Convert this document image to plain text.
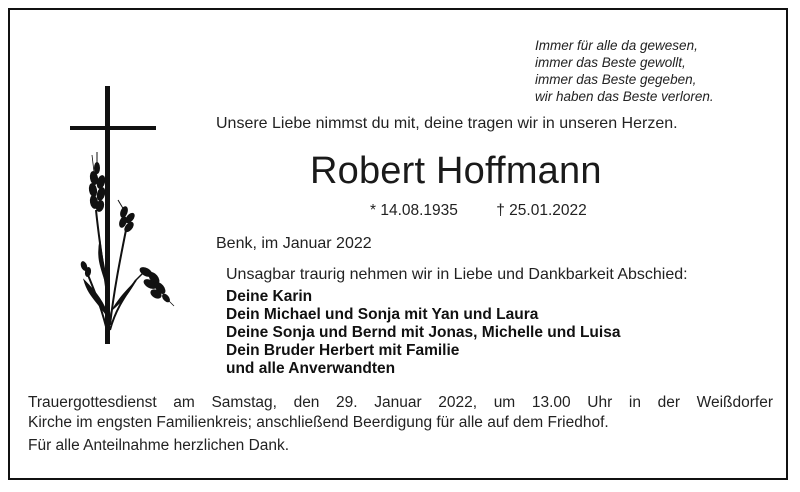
Immer für alle da gewesen,
immer das Beste gewollt,
immer das Beste gegeben,
wir haben das Beste verloren.
Unsere Liebe nimmst du mit, deine tragen wir in unseren Herzen.
Robert Hoffmann
* 14.08.1935 † 25.01.2022
Benk, im Januar 2022
Unsagbar traurig nehmen wir in Liebe und Dankbarkeit Abschied:
Deine Karin
Dein Michael und Sonja mit Yan und Laura
Deine Sonja und Bernd mit Jonas, Michelle und Luisa
Dein Bruder Herbert mit Familie
und alle Anverwandten
Trauergottesdienst am Samstag, den 29. Januar 2022, um 13.00 Uhr in der Weißdorfer
Kirche im engsten Familienkreis; anschließend Beerdigung für alle auf dem Friedhof.
Für alle Anteilnahme herzlichen Dank.
